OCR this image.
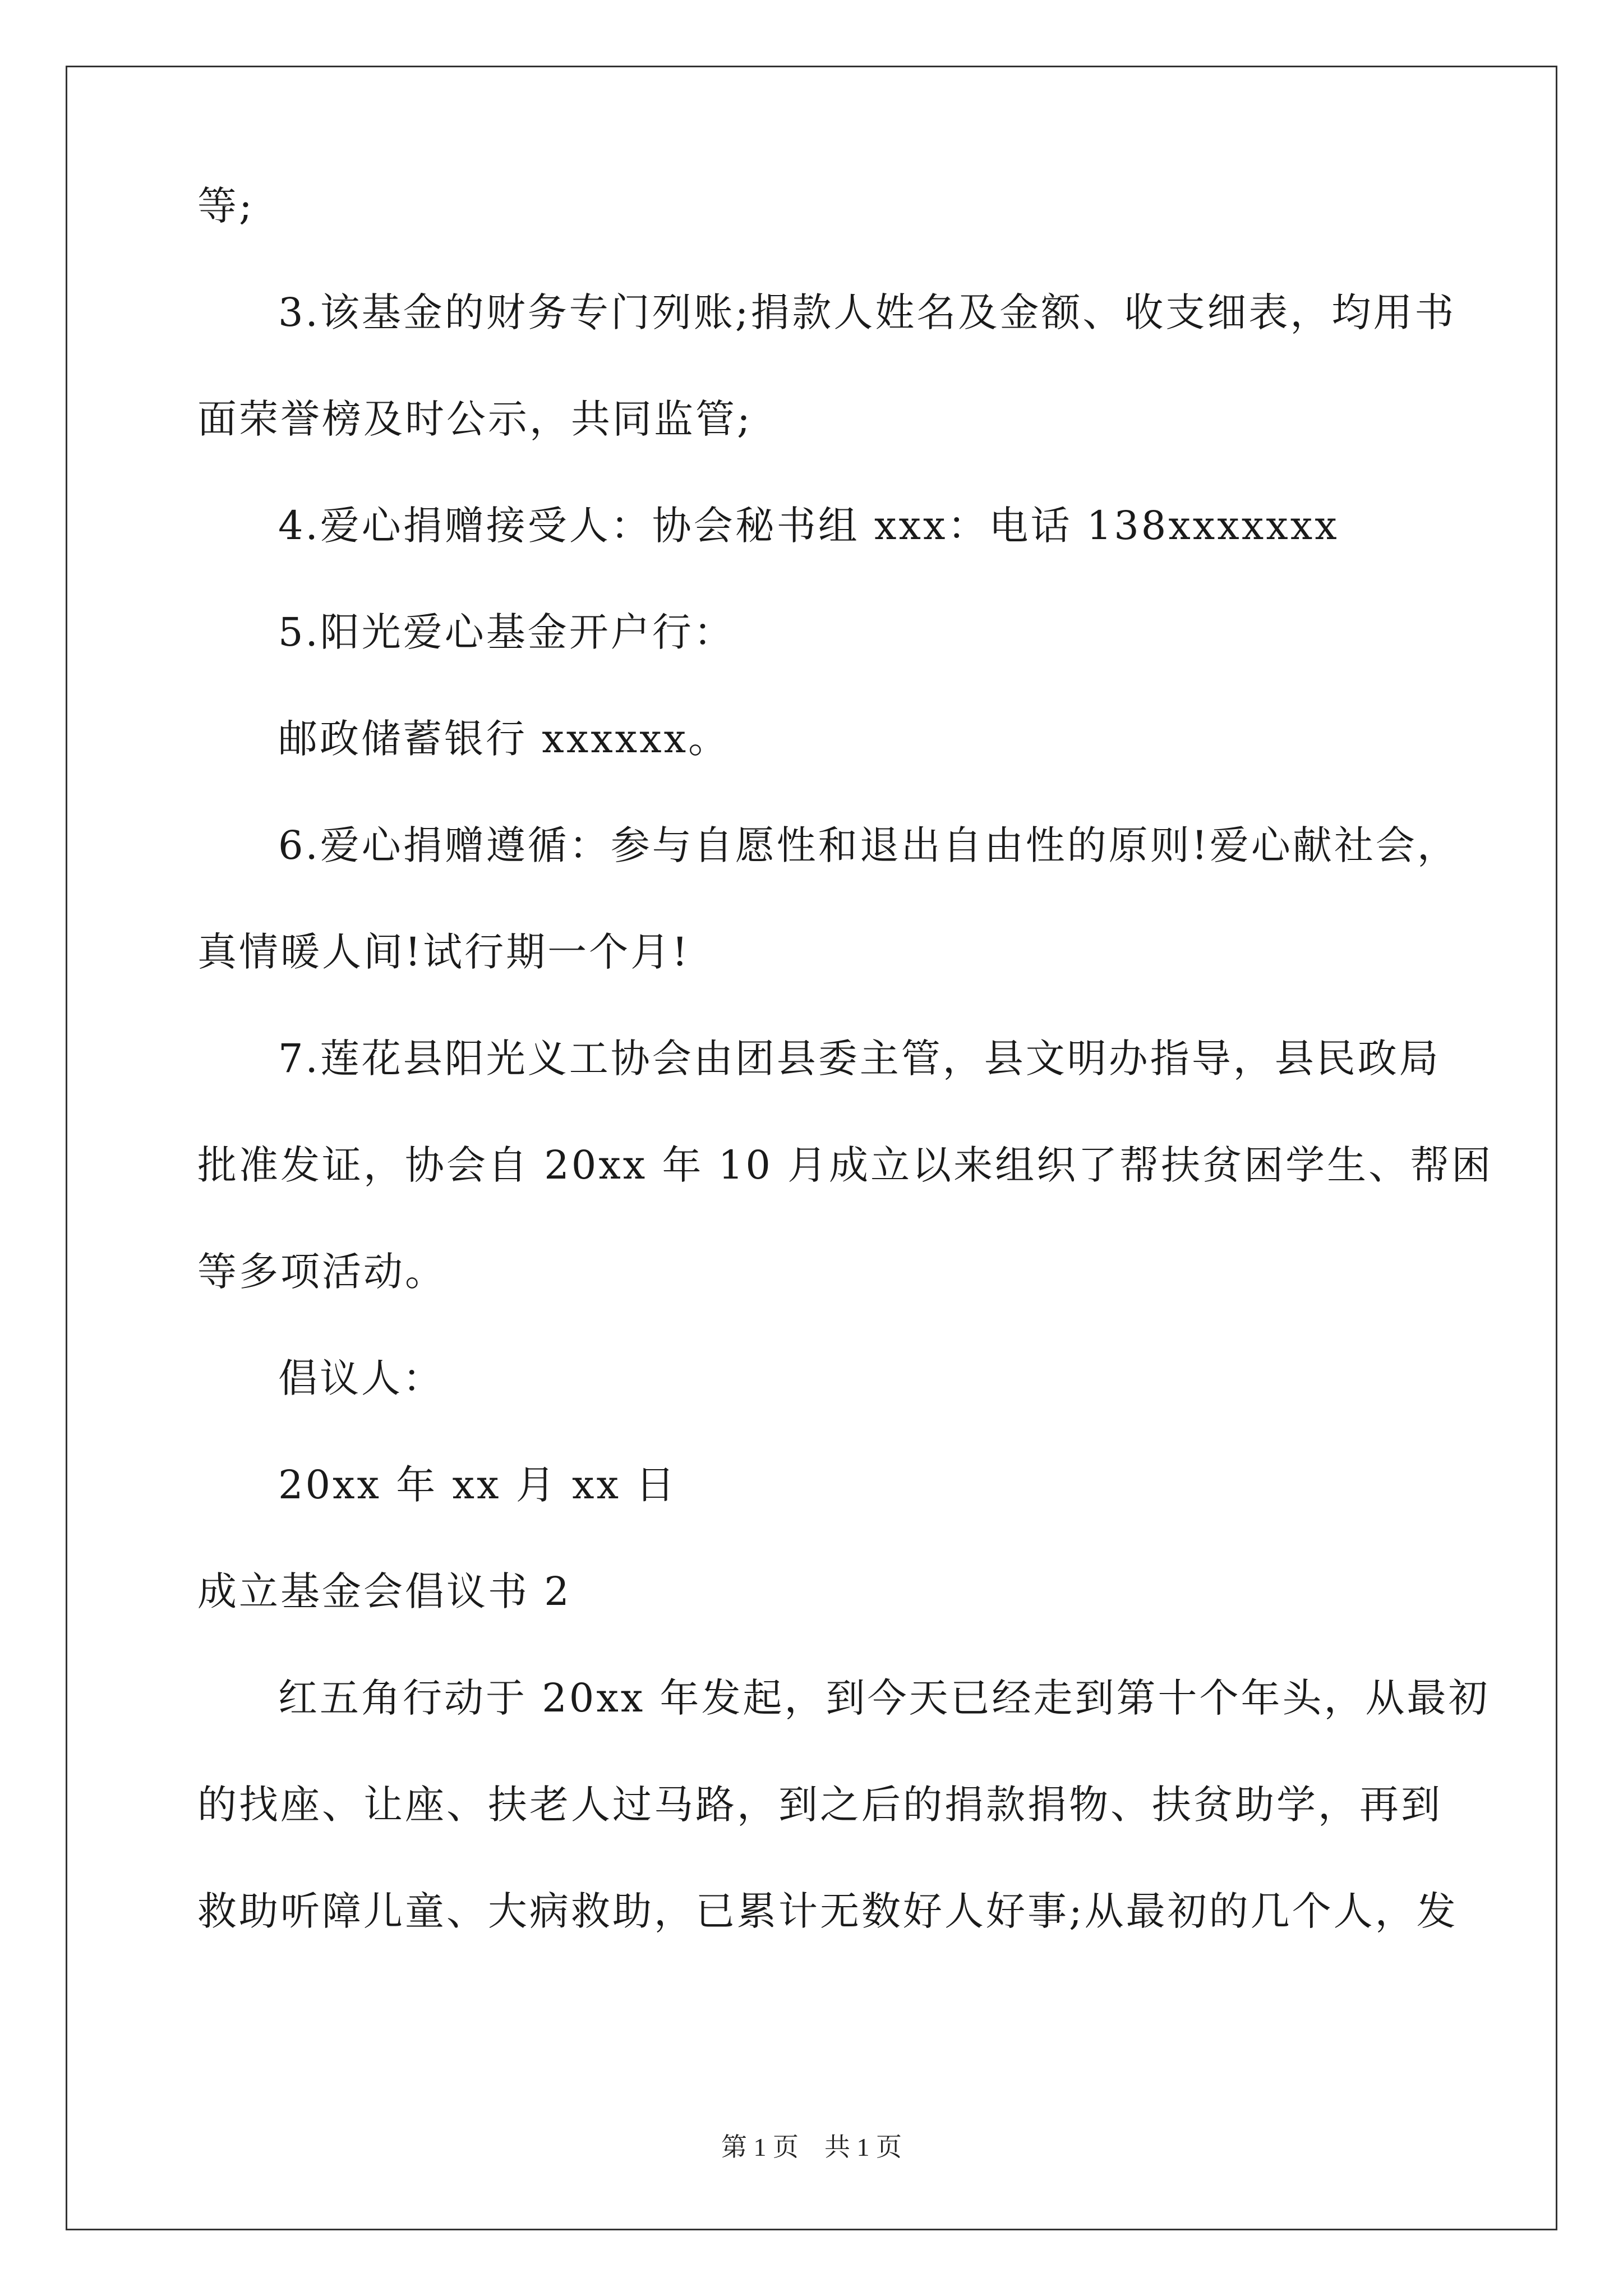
等;
3.该基金的财务专门列账;捐款人姓名及金额、收支细表，均用书
面荣誉榜及时公示，共同监管;
4.爱心捐赠接受人：协会秘书组 xxx：电话 138xxxxxxx
5.阳光爱心基金开户行：
邮政储蓄银行 xxxxxx。
6.爱心捐赠遵循：参与自愿性和退出自由性的原则!爱心献社会，
真情暖人间!试行期一个月!
7.莲花县阳光义工协会由团县委主管，县文明办指导，县民政局
批准发证，协会自 20xx 年 10 月成立以来组织了帮扶贫困学生、帮困
等多项活动。
倡议人：
20xx 年 xx 月 xx 日
成立基金会倡议书 2
红五角行动于 20xx 年发起，到今天已经走到第十个年头，从最初
的找座、让座、扶老人过马路，到之后的捐款捐物、扶贫助学，再到
救助听障儿童、大病救助，已累计无数好人好事;从最初的几个人，发
第 1 页　共 1 页
